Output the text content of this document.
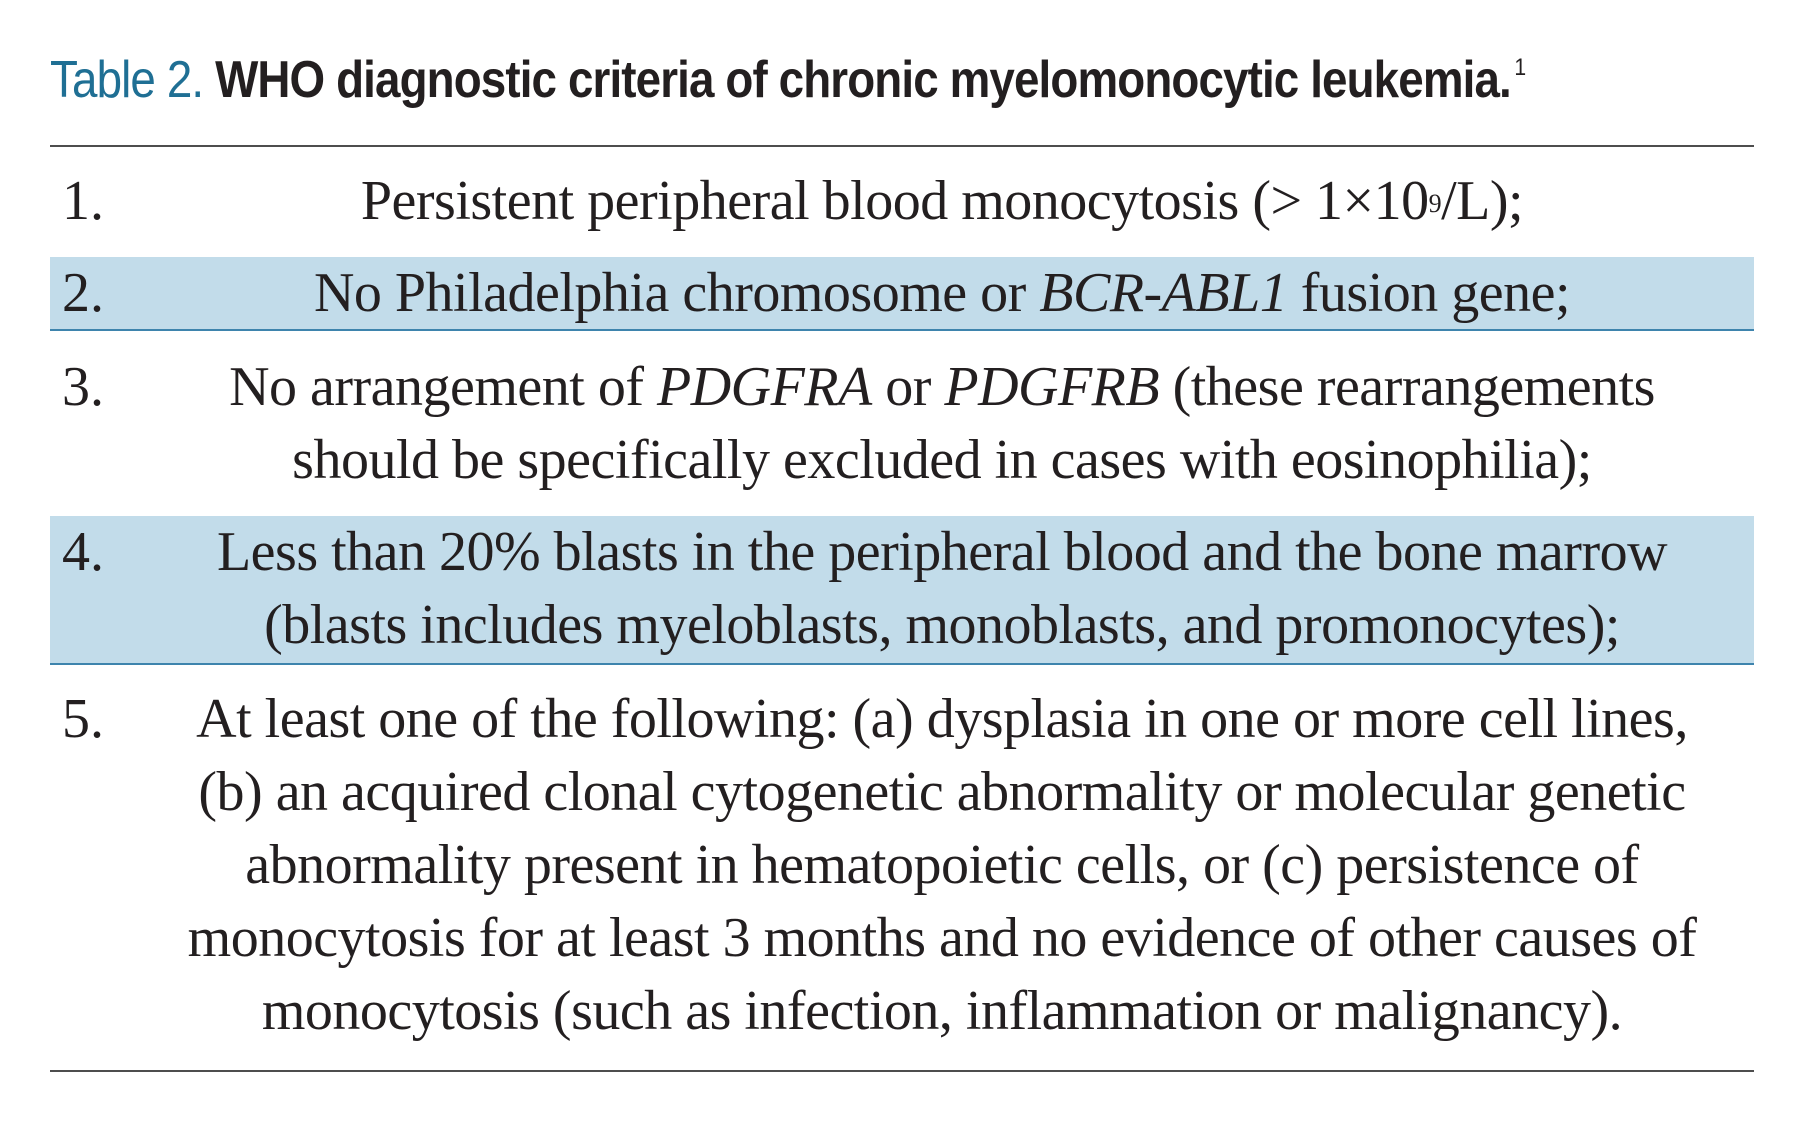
Table 2. WHO diagnostic criteria of chronic myelomonocytic leukemia. $^1$
1.	Persistent peripheral blood monocytosis (> $1\times 10^9/L$);
2.	No Philadelphia chromosome or BCR-ABL1 fusion gene;
3.	No arrangement of PDGFRA or PDGFRB (these rearrangements should be specifically excluded in cases with eosinophilia);
4.	Less than 20% blasts in the peripheral blood and the bone marrow (blasts includes myeloblasts, monoblasts, and promonocytes);
5.	At least one of the following: (a) dysplasia in one or more cell lines, (b) an acquired clonal cytogenetic abnormality or molecular genetic abnormality present in hematopoietic cells, or (c) persistence of monocytosis for at least 3 months and no evidence of other causes of monocytosis (such as infection, inflammation or malignancy).
